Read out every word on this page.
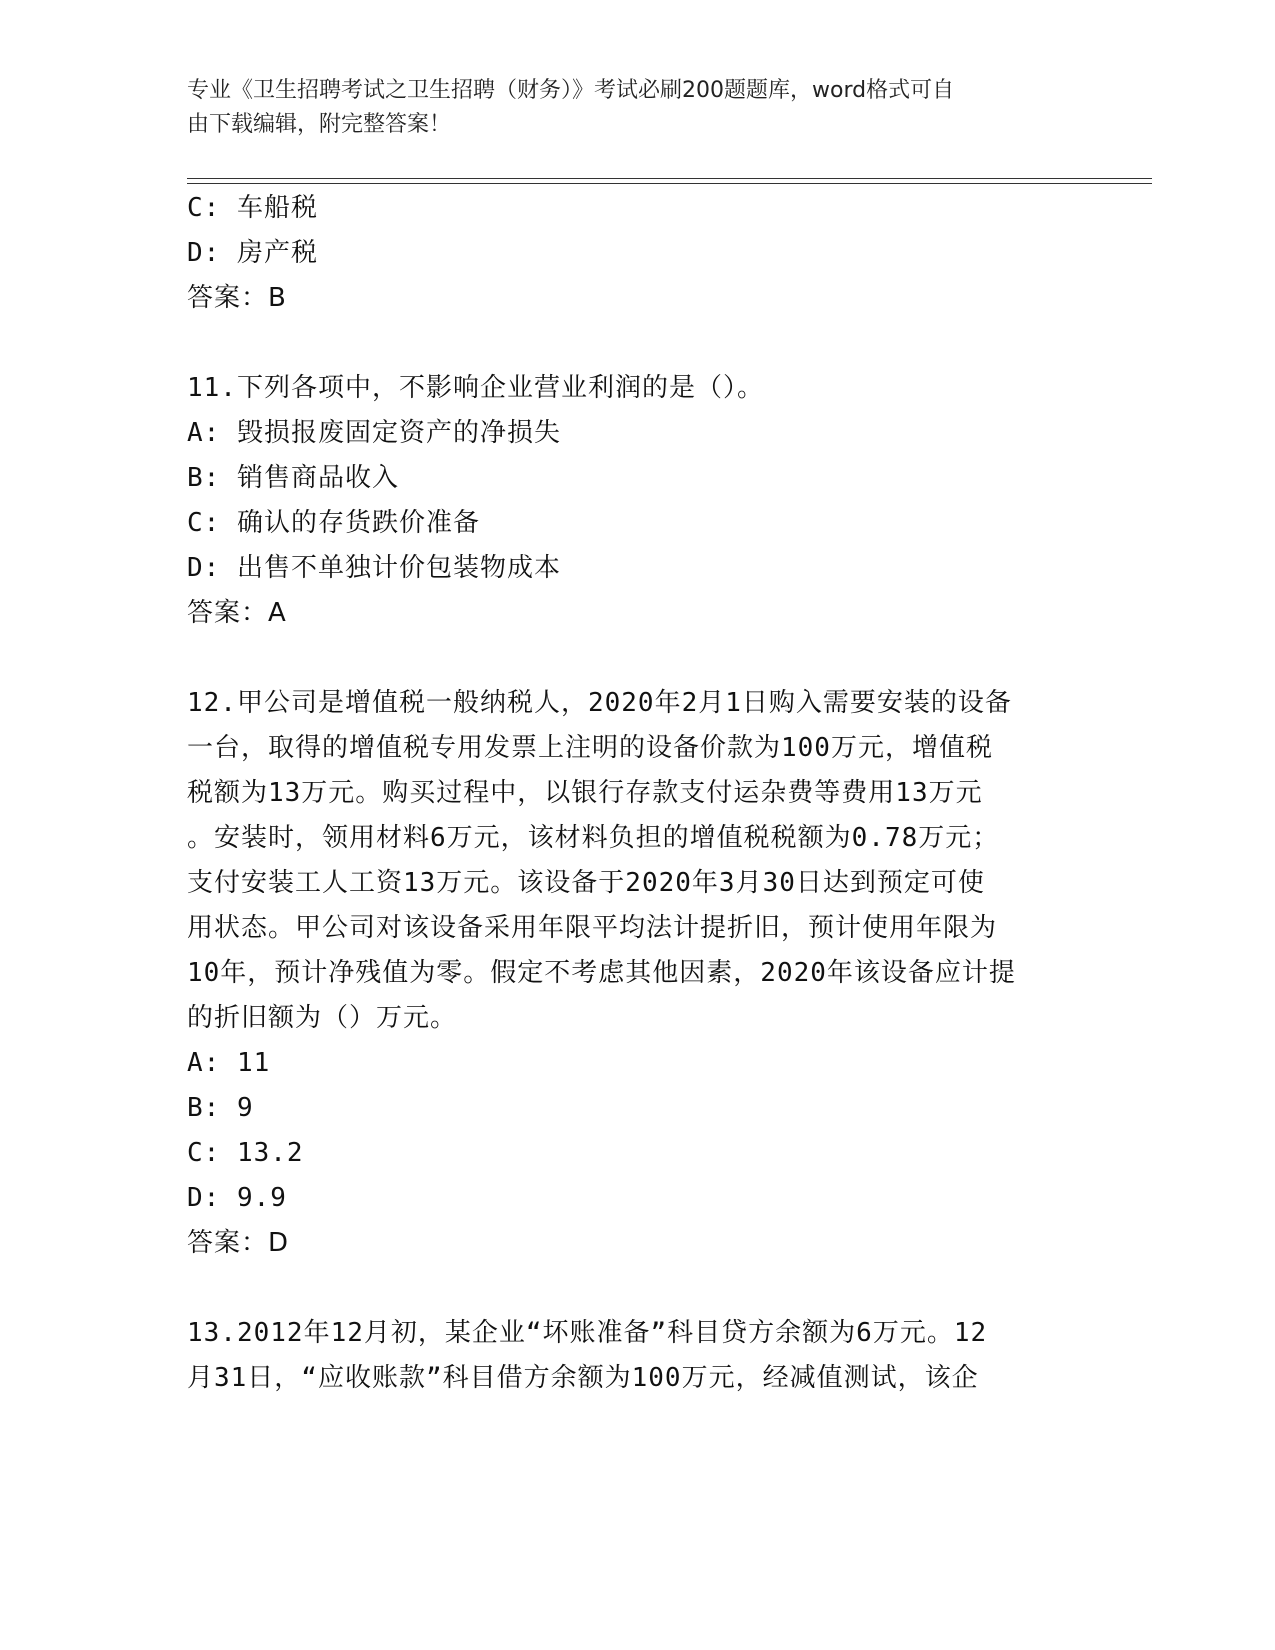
专业《卫生招聘考试之卫生招聘（财务）》考试必刷200题题库，word格式可自
由下载编辑，附完整答案！
C: 车船税
D: 房产税
答案：B
11.下列各项中，不影响企业营业利润的是（）。
A: 毁损报废固定资产的净损失
B: 销售商品收入
C: 确认的存货跌价准备
D: 出售不单独计价包装物成本
答案：A
12.甲公司是增值税一般纳税人，2020年2月1日购入需要安装的设备
一台，取得的增值税专用发票上注明的设备价款为100万元，增值税
税额为13万元。购买过程中，以银行存款支付运杂费等费用13万元
。安装时，领用材料6万元，该材料负担的增值税税额为0.78万元；
支付安装工人工资13万元。该设备于2020年3月30日达到预定可使
用状态。甲公司对该设备采用年限平均法计提折旧，预计使用年限为
10年，预计净残值为零。假定不考虑其他因素，2020年该设备应计提
的折旧额为（）万元。
A: 11
B: 9
C: 13.2
D: 9.9
答案：D
13.2012年12月初，某企业“坏账准备”科目贷方余额为6万元。12
月31日，“应收账款”科目借方余额为100万元，经减值测试，该企
